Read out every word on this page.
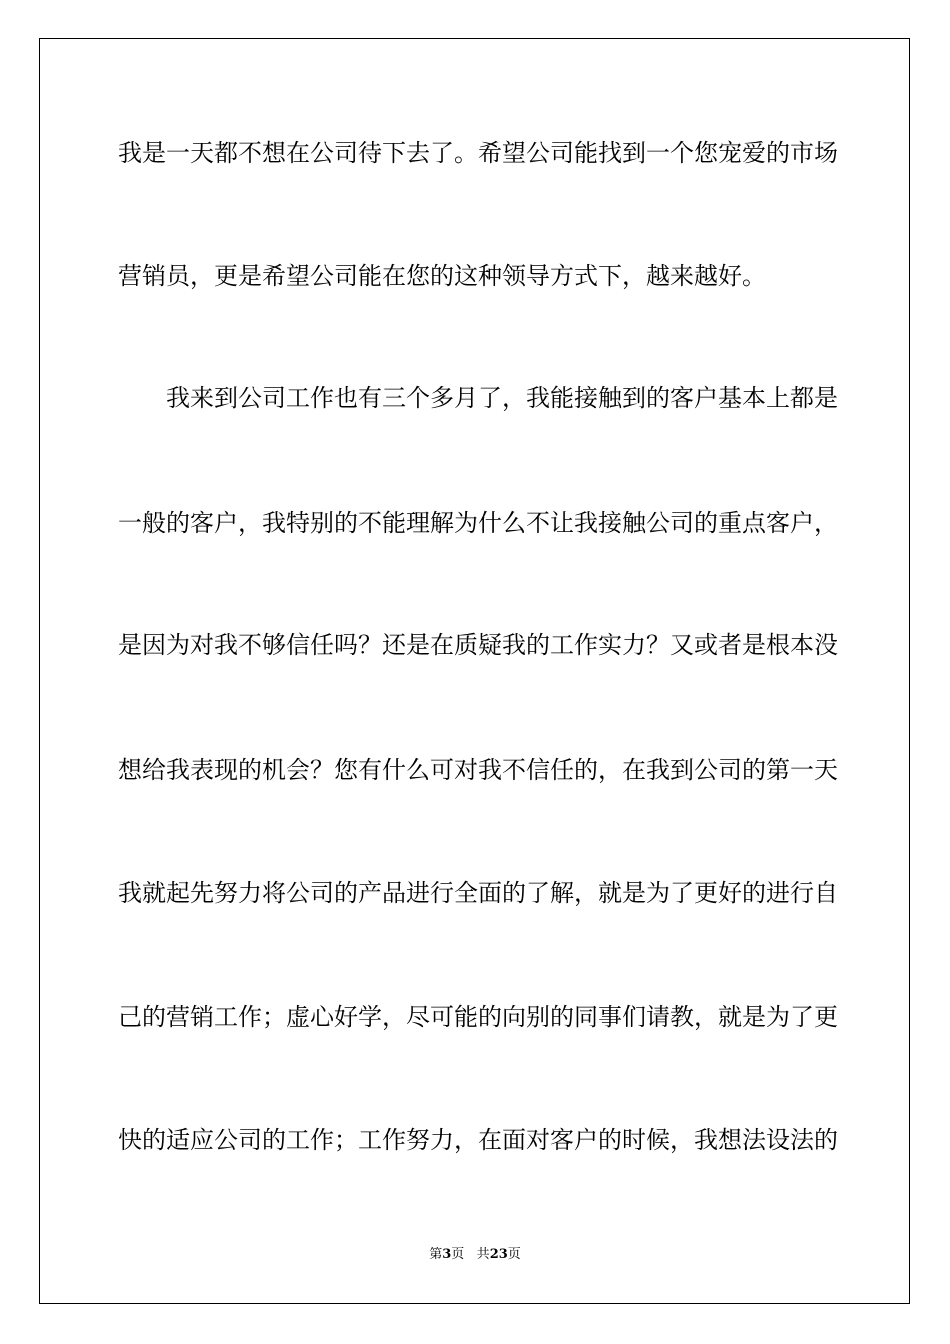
我是一天都不想在公司待下去了。希望公司能找到一个您宠爱的市场
营销员，更是希望公司能在您的这种领导方式下，越来越好。
　　我来到公司工作也有三个多月了，我能接触到的客户基本上都是
一般的客户，我特别的不能理解为什么不让我接触公司的重点客户，
是因为对我不够信任吗？还是在质疑我的工作实力？又或者是根本没
想给我表现的机会？您有什么可对我不信任的，在我到公司的第一天
我就起先努力将公司的产品进行全面的了解，就是为了更好的进行自
己的营销工作；虚心好学，尽可能的向别的同事们请教，就是为了更
快的适应公司的工作；工作努力，在面对客户的时候，我想法设法的
第3页 共23页
